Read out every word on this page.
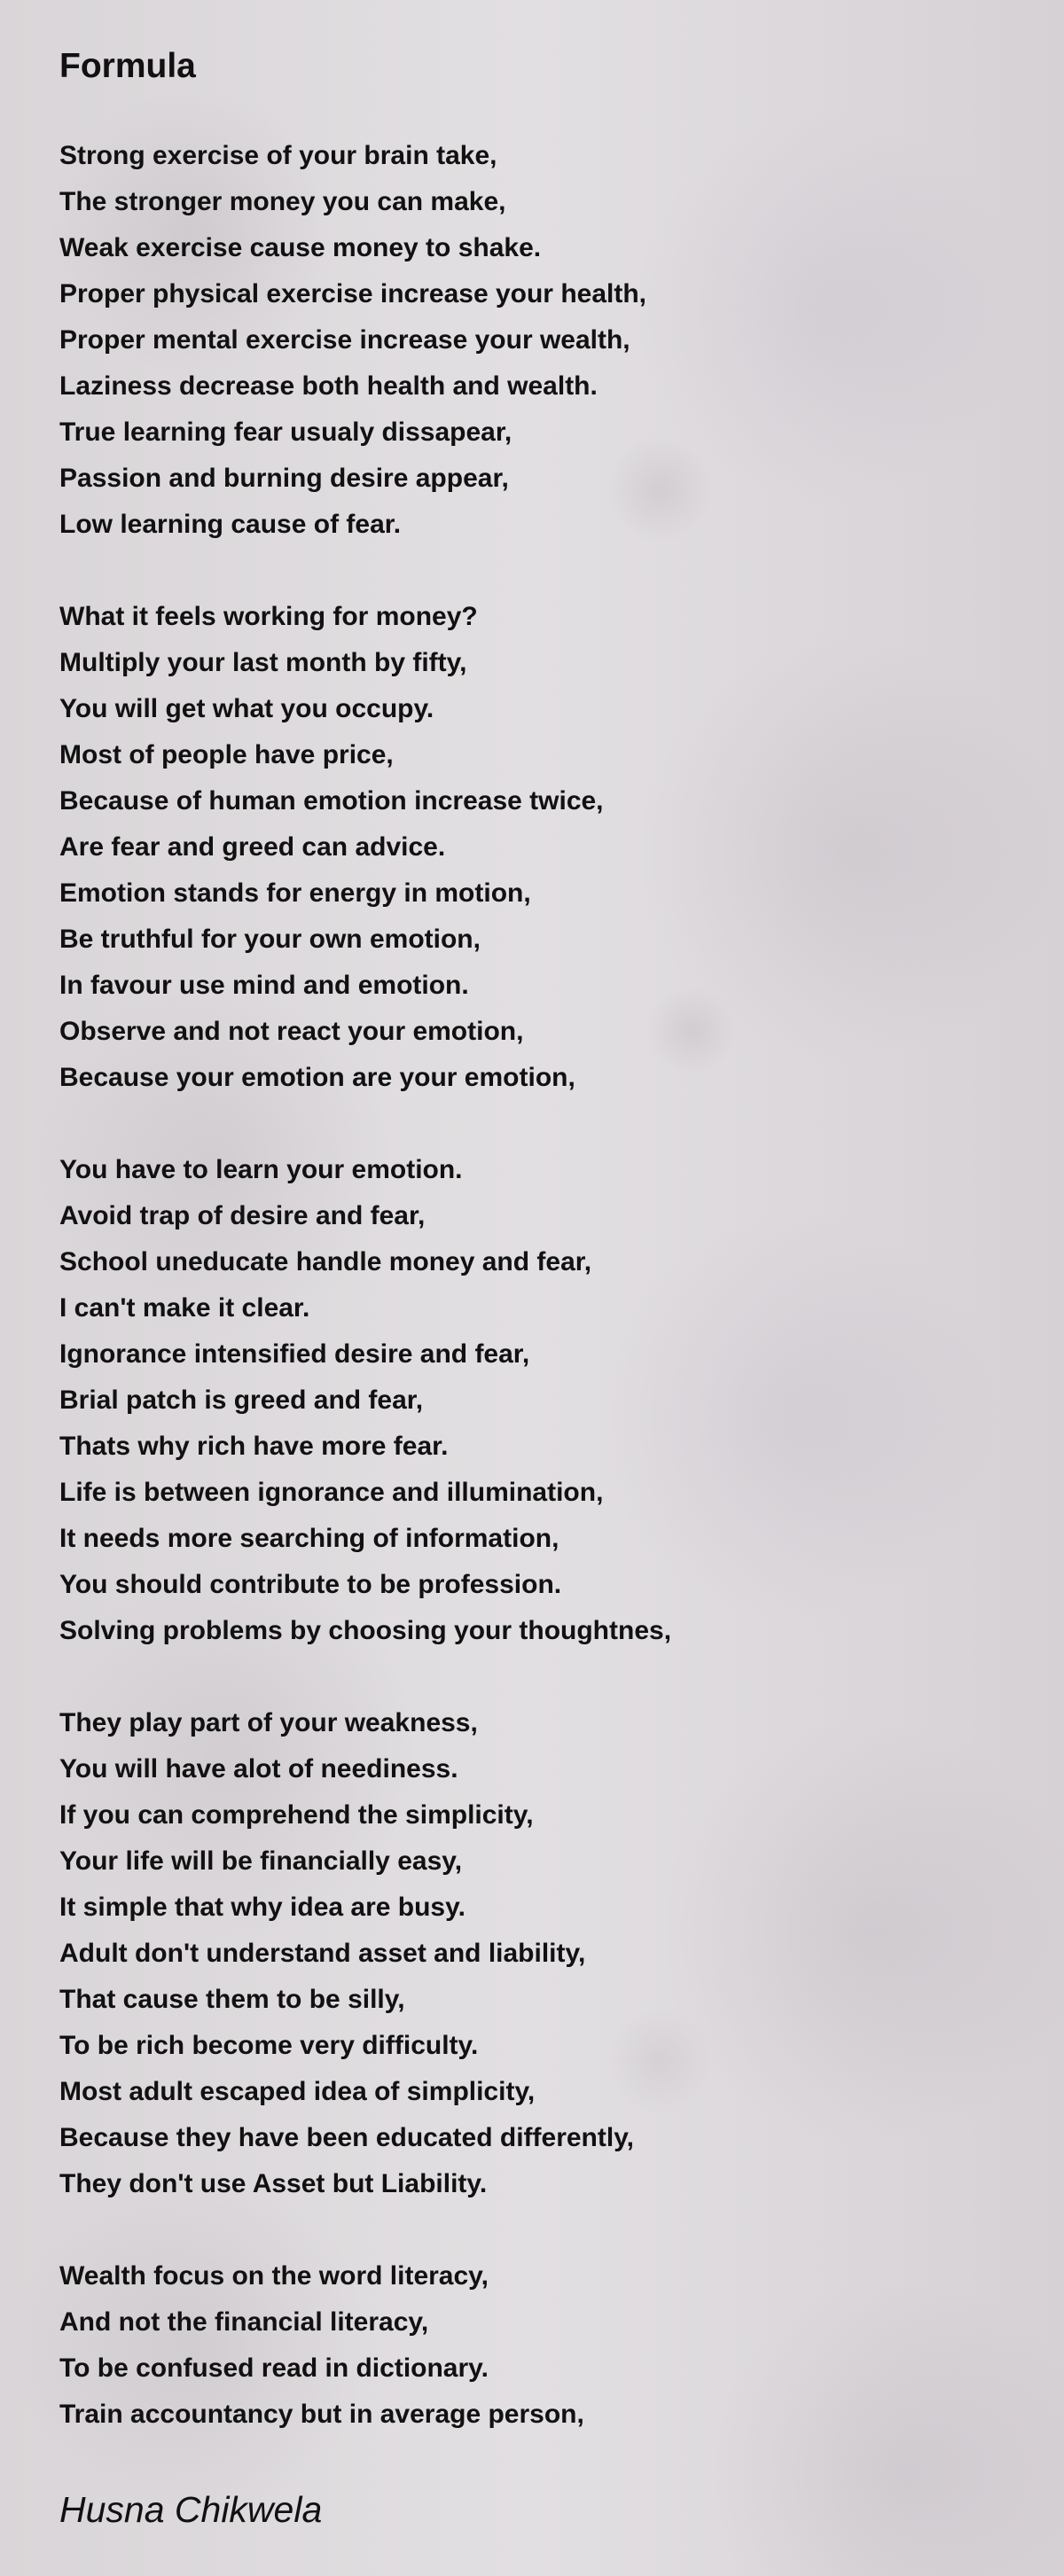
Formula
Strong exercise of your brain take,
The stronger money you can make,
Weak exercise cause money to shake.
Proper physical exercise increase your health,
Proper mental exercise increase your wealth,
Laziness decrease both health and wealth.
True learning fear usualy dissapear,
Passion and burning desire appear,
Low learning cause of fear.
What it feels working for money?
Multiply your last month by fifty,
You will get what you occupy.
Most of people have price,
Because of human emotion increase twice,
Are fear and greed can advice.
Emotion stands for energy in motion,
Be truthful for your own emotion,
In favour use mind and emotion.
Observe and not react your emotion,
Because your emotion are your emotion,
You have to learn your emotion.
Avoid trap of desire and fear,
School uneducate handle money and fear,
I can't make it clear.
Ignorance intensified desire and fear,
Brial patch is greed and fear,
Thats why rich have more fear.
Life is between ignorance and illumination,
It needs more searching of information,
You should contribute to be profession.
Solving problems by choosing your thoughtnes,
They play part of your weakness,
You will have alot of neediness.
If you can comprehend the simplicity,
Your life will be financially easy,
It simple that why idea are busy.
Adult don't understand asset and liability,
That cause them to be silly,
To be rich become very difficulty.
Most adult escaped idea of simplicity,
Because they have been educated differently,
They don't use Asset but Liability.
Wealth focus on the word literacy,
And not the financial literacy,
To be confused read in dictionary.
Train accountancy but in average person,

Husna Chikwela
